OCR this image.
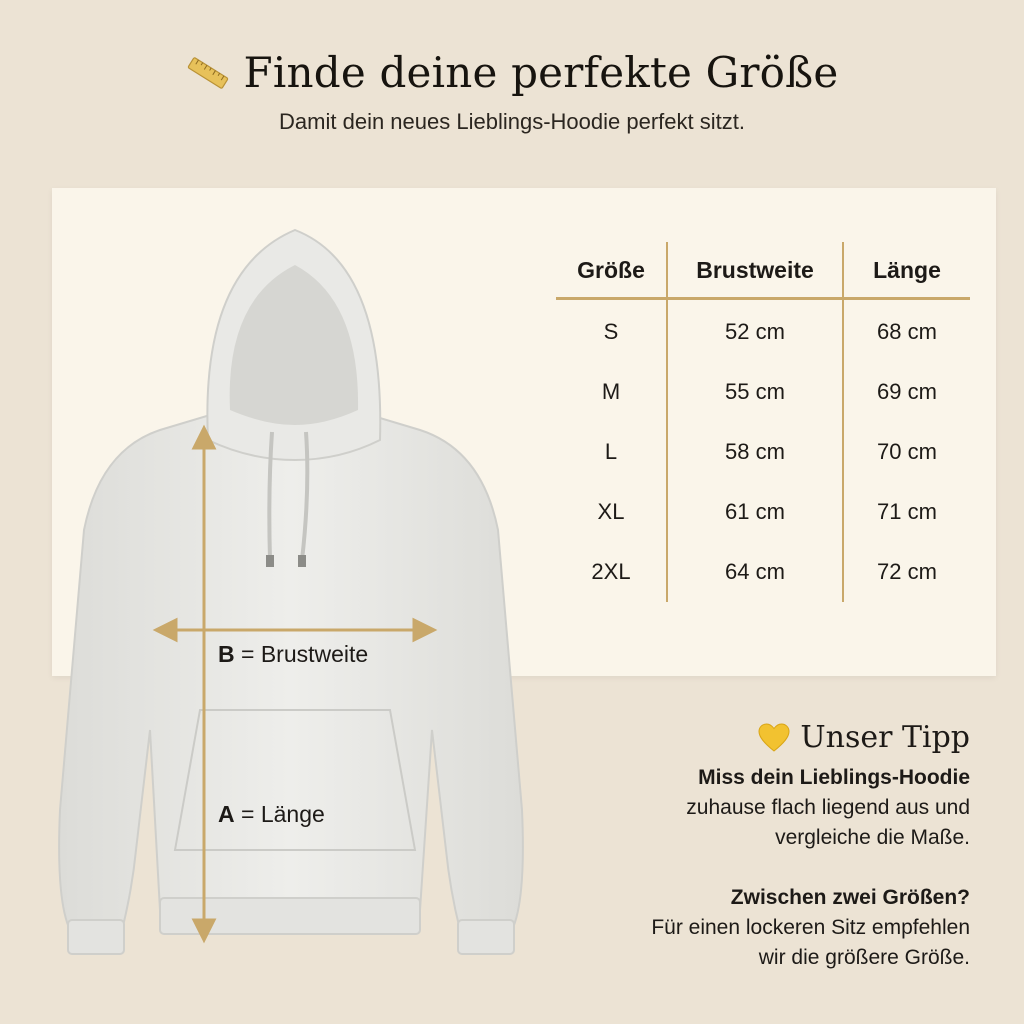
Finde deine perfekte Größe
Damit dein neues Lieblings-Hoodie perfekt sitzt.
B = Brustweite
A = Länge
Größe	Brustweite	Länge
S	52 cm	68 cm
M	55 cm	69 cm
L	58 cm	70 cm
XL	61 cm	71 cm
2XL	64 cm	72 cm
Unser Tipp

Miss dein Lieblings-Hoodie

zuhause flach liegend aus und

vergleiche die Maße.

Zwischen zwei Größen?

Für einen lockeren Sitz empfehlen

wir die größere Größe.
